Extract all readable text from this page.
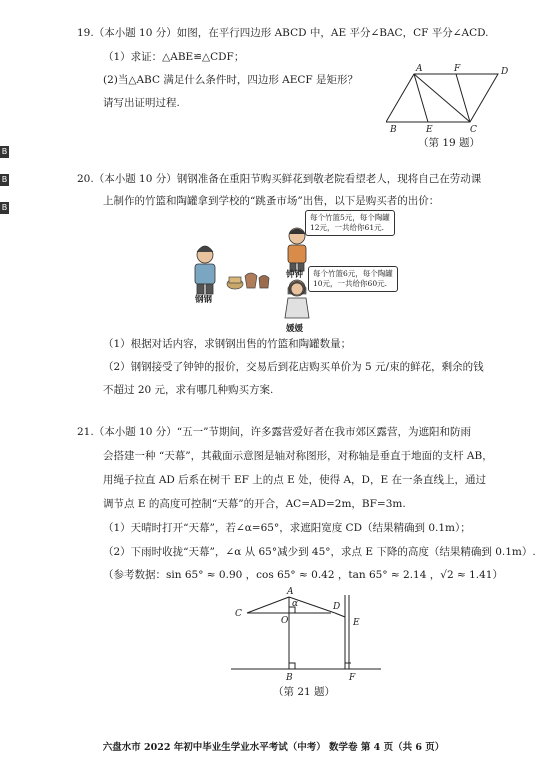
B
B
B
19.（本小题 10 分）如图，在平行四边形 ABCD 中，AE 平分∠BAC，CF 平分∠ACD.
（1）求证：△ABE≌△CDF；
(2)当△ABC 满足什么条件时，四边形 AECF 是矩形？
请写出证明过程.
A	F	D
B	E	C
（第 19 题）
20.（本小题 10 分）钢钢准备在重阳节购买鲜花到敬老院看望老人，现将自己在劳动课
上制作的竹篮和陶罐拿到学校的“跳蚤市场”出售，以下是购买者的出价：
每个竹篮5元，每个陶罐
12元，一共给你61元.
每个竹篮6元，每个陶罐
10元，一共给你60元.
钢钢
钟钟
媛媛
（1）根据对话内容，求钢钢出售的竹篮和陶罐数量；
（2）钢钢接受了钟钟的报价，交易后到花店购买单价为 5 元/束的鲜花，剩余的钱
不超过 20 元，求有哪几种购买方案.
21.（本小题 10 分）“五一”节期间，许多露营爱好者在我市郊区露营，为遮阳和防雨
会搭建一种 “天幕”，其截面示意图是轴对称图形，对称轴是垂直于地面的支杆 AB，
用绳子拉直 AD 后系在树干 EF 上的点 E 处，使得 A，D，E 在一条直线上，通过
调节点 E 的高度可控制“天幕”的开合，AC=AD=2m，BF=3m.
（1）天晴时打开“天幕”，若∠α=65°，求遮阳宽度 CD（结果精确到 0.1m）；
（2）下雨时收拢“天幕”，∠α 从 65°减少到 45°，求点 E 下降的高度（结果精确到 0.1m）.
（参考数据：sin 65° ≈ 0.90 ，cos 65° ≈ 0.42 ，tan 65° ≈ 2.14 ，√2 ≈ 1.41）
A
α
C
O
D
E
B	F
（第 21 题）
六盘水市 2022 年初中毕业生学业水平考试（中考） 数学卷 第 4 页（共 6 页）
